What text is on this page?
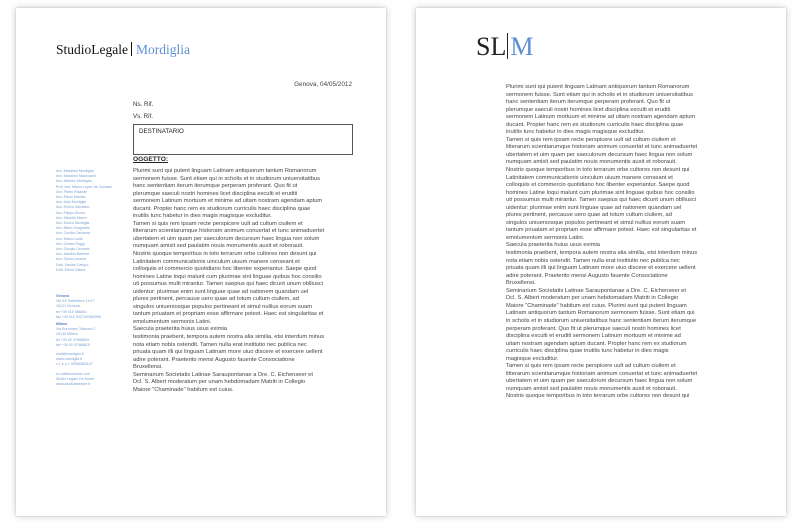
StudioLegale Mordiglia
Genova, 04/05/2012
Ns. Rif.
Vs. Rif.
DESTINATARIO
OGGETTO:
Avv. Massimo Mordiglia
Avv. Massimo Mazzocchi
Avv. Michele Mordiglia
Prof. Avv. Marco Lopez de Gonzalo
Avv. Pietro Palandri
Avv. Paolo Manica
Avv. Aldo Mordiglia
Avv. Enrico Salvatico
Avv. Filippo Bruno
Avv. Michele Manzi
Avv. Enrico Mordiglia
Avv. Mirko Scagnetta
Avv. Cecilia Cavanna
Avv. Marco Lanti
Avv. Chiara Raggi
Avv. Giorgio Cencetti
Avv. Martina Barrese
Avv. Giulia Lavarra
Dott. Davide Campo
Dott. Elena Cittera
Genova
Via XX Settembre 14/17
16121 Genova
tel +39 010 586841
fax +39 010 532729/562998
Milano
Via Borromeo Tolomeo 2
20145 Milano
tel +39 02 47988804
fax +39 02 47988815
mail@mordiglia.it
www.mordiglia.it
c.f. e p.i. 00566850107
in collaborazione con
Studio Legale De Andrè
www.studiodeandre.it
Plurimi sunt qui putent linguam Latinam antiquorum tantum Romanorum
sermonem fuisse. Sunt etiam qui in scholis et in studiorum uniuersitatibus
hanc sententiam iterum iterumque perperam proferant. Quo fit ut
plerumque saeculi nostri homines licet disciplina exculti et eruditi
sermonem Latinum mortuum et minime ad uitam nostram agendam aptum
ducant. Propter hanc rem ex studiorum curriculis haec disciplina quae
inutilis tunc habetur in dies magis magisque excluditur.
Tamen si quis rem ipsam recte perspicere uult ad cultum ciuilem et
litterarum scientiarumque historiam animum conuertat et tunc animaduertet
ubertatem et uim quam per saeculorum decursum haec lingua non solum
numquam amisit sed paulatim nouis monumentis auxit et roborauit.
Nostris quoque temporibus in toto terrarum orbe cultores non desunt qui
Latinitatem communicationis uinculum uiuum manere censeant et
colloquiis et commercio quotidiano hoc libenter experiantur. Saepe quod
homines Latine loqui malunt cum plurimae sint linguae quibus hoc consilio
uti possumus multi mirantur. Tamen saepius qui haec dicunt unum oblliusci
uidentur: plurimae enim sunt linguae quae ad nationem quandam uel
plures pertinent, percauue uero quae ad totum cultum ciuilem, ad
singulos uniuersosque populos pertineant et simul nullius eorum suam
tantum priuatam et propriam esse affirmare potest. Haec est singularitas et
emolumentum sermonis Latini.
Saecula praeterita huius usus eximia
testimonia praebent, tempora autem nostra alia similia, etsi interdum minus
nota etiam nobis ostendit. Tamen nulla erat institutio nec publica nec
priuata quam illi qui linguam Latinam more uiuo discere et exercere uellent
adire poterant. Praeterito mensi Augusto fauente Consociatione
Bruxellensi.
Seminarium Societatis Latinae Saraupontanae a Dre. C. Eichenseer et
Dcl. S. Albert moderatum per unam hebdomadam Matriti in Collegio
Maiore "Chaminade" habitum est cuius.
SL M
Plurimi sunt qui putent linguam Latinam antiquorum tantum Romanorum
sermonem fuisse. Sunt etiam qui in scholis et in studiorum uniuersitatibus
hanc sententiam iterum iterumque perperam proferant. Quo fit ut
plerumque saeculi nostri homines licet disciplina exculti et eruditi
sermonem Latinum mortuum et minime ad uitam nostram agendam aptum
ducant. Propter hanc rem ex studiorum curriculis haec disciplina quae
inutilis tunc habetur in dies magis magisque excluditur.
Tamen si quis rem ipsam recte perspicere uult ad cultum ciuilem et
litterarum scientiarumque historiam animum conuertat et tunc animaduertet
ubertatem et uim quam per saeculorum decursum haec lingua non solum
numquam amisit sed paulatim nouis monumentis auxit et roborauit.
Nostris quoque temporibus in toto terrarum orbe cultores non desunt qui
Latinitatem communicationis uinculum uiuum manere censeant et
colloquiis et commercio quotidiano hoc libenter experiantur. Saepe quod
homines Latine loqui malunt cum plurimae sint linguae quibus hoc consilio
uti possumus multi mirantur. Tamen saepius qui haec dicunt unum oblliusci
uidentur: plurimae enim sunt linguae quae ad nationem quandam uel
plures pertinent, percauue uero quae ad totum cultum ciuilem, ad
singulos uniuersosque populos pertineant et simul nullius eorum suam
tantum priuatam et propriam esse affirmare potest. Haec est singularitas et
emolumentum sermonis Latini.
Saecula praeterita huius usus eximia
testimonia praebent, tempora autem nostra alia similia, etsi interdum minus
nota etiam nobis ostendit. Tamen nulla erat institutio nec publica nec
priuata quam illi qui linguam Latinam more uiuo discere et exercere uellent
adire poterant. Praeterito mensi Augusto fauente Consociatione
Bruxellensi.
Seminarium Societatis Latinae Saraupontanae a Dre. C. Eichenseer et
Dcl. S. Albert moderatum per unam hebdomadam Matriti in Collegio
Maiore "Chaminade" habitum est cuius. Plurimi sunt qui putent linguam
Latinam antiquorum tantum Romanorum sermonem fuisse. Sunt etiam qui
in scholis et in studiorum uniuersitatibus hanc sententiam iterum iterumque
perperam proferant. Quo fit ut plerumque saeculi nostri homines licet
disciplina exculti et eruditi sermonem Latinum mortuum et minime ad
uitam nostram agendam aptum ducant. Propter hanc rem ex studiorum
curriculis haec disciplina quae inutilis tunc habetur in dies magis
magisque excluditur.
Tamen si quis rem ipsam recte perspicere uult ad cultum ciuilem et
litterarum scientiarumque historiam animum conuertat et tunc animaduertet
ubertatem et uim quam per saeculorum decursum haec lingua non solum
numquam amisit sed paulatim nouis monumentis auxit et roborauit.
Nostris quoque temporibus in toto terrarum orbe cultores non desunt qui
